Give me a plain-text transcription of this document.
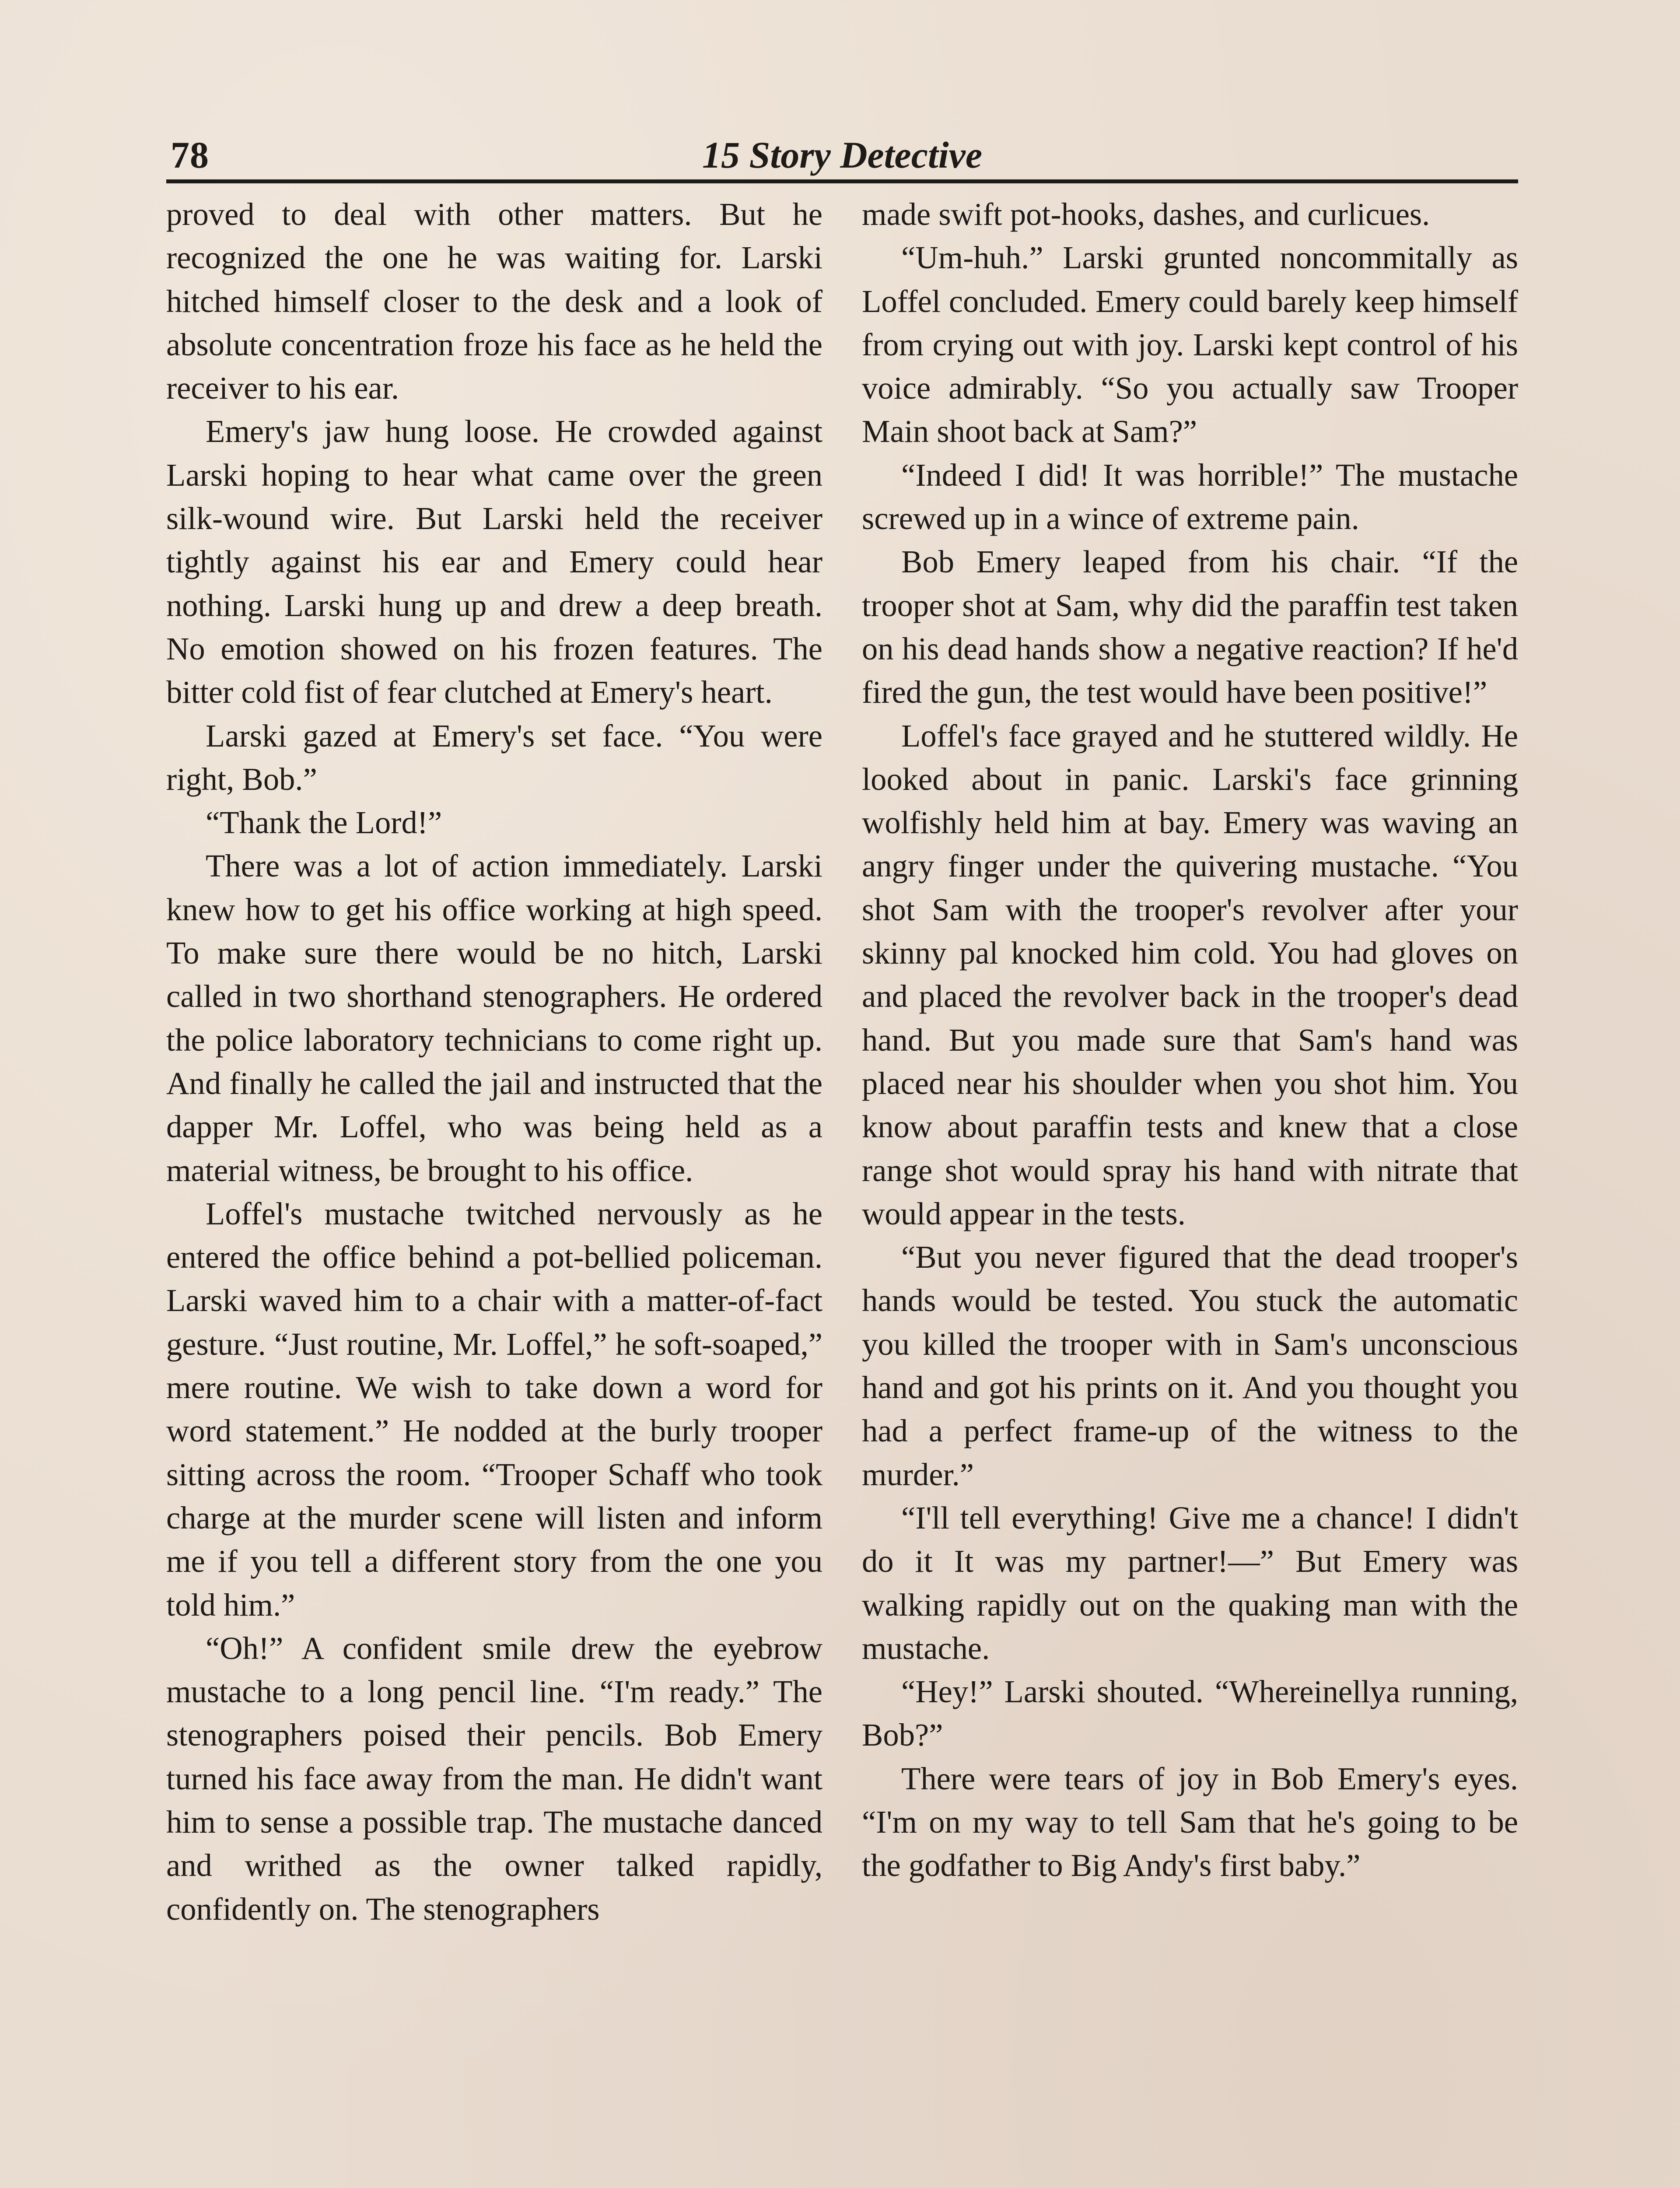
78	15 Story Detective

proved to deal with other matters. But he recognized the one he was waiting for. Larski hitched himself closer to the desk and a look of absolute concentration froze his face as he held the receiver to his ear.

Emery's jaw hung loose. He crowded against Larski hoping to hear what came over the green silk-wound wire. But Larski held the receiver tightly against his ear and Emery could hear nothing. Larski hung up and drew a deep breath. No emotion showed on his frozen features. The bitter cold fist of fear clutched at Emery's heart.

Larski gazed at Emery's set face. “You were right, Bob.”

“Thank the Lord!”

There was a lot of action immediately. Larski knew how to get his office working at high speed. To make sure there would be no hitch, Larski called in two shorthand stenographers. He ordered the police laboratory technicians to come right up. And finally he called the jail and instructed that the dapper Mr. Loffel, who was being held as a material witness, be brought to his office.

Loffel's mustache twitched nervously as he entered the office behind a pot-bellied policeman. Larski waved him to a chair with a matter-of-fact gesture. “Just routine, Mr. Loffel,” he soft-soaped,” mere routine. We wish to take down a word for word statement.” He nodded at the burly trooper sitting across the room. “Trooper Schaff who took charge at the murder scene will listen and inform me if you tell a different story from the one you told him.”

“Oh!” A confident smile drew the eyebrow mustache to a long pencil line. “I'm ready.” The stenographers poised their pencils. Bob Emery turned his face away from the man. He didn't want him to sense a possible trap. The mustache danced and writhed as the owner talked rapidly, confidently on. The stenographers

made swift pot-hooks, dashes, and curlicues.

“Um-huh.” Larski grunted noncommitally as Loffel concluded. Emery could barely keep himself from crying out with joy. Larski kept control of his voice admirably. “So you actually saw Trooper Main shoot back at Sam?”

“Indeed I did! It was horrible!” The mustache screwed up in a wince of extreme pain.

Bob Emery leaped from his chair. “If the trooper shot at Sam, why did the paraffin test taken on his dead hands show a negative reaction? If he'd fired the gun, the test would have been positive!”

Loffel's face grayed and he stuttered wildly. He looked about in panic. Larski's face grinning wolfishly held him at bay. Emery was waving an angry finger under the quivering mustache. “You shot Sam with the trooper's revolver after your skinny pal knocked him cold. You had gloves on and placed the revolver back in the trooper's dead hand. But you made sure that Sam's hand was placed near his shoulder when you shot him. You know about paraffin tests and knew that a close range shot would spray his hand with nitrate that would appear in the tests.

“But you never figured that the dead trooper's hands would be tested. You stuck the automatic you killed the trooper with in Sam's unconscious hand and got his prints on it. And you thought you had a perfect frame-up of the witness to the murder.”

“I'll tell everything! Give me a chance! I didn't do it It was my partner!—” But Emery was walking rapidly out on the quaking man with the mustache.

“Hey!” Larski shouted. “Whereinellya running, Bob?”

There were tears of joy in Bob Emery's eyes. “I'm on my way to tell Sam that he's going to be the godfather to Big Andy's first baby.”
